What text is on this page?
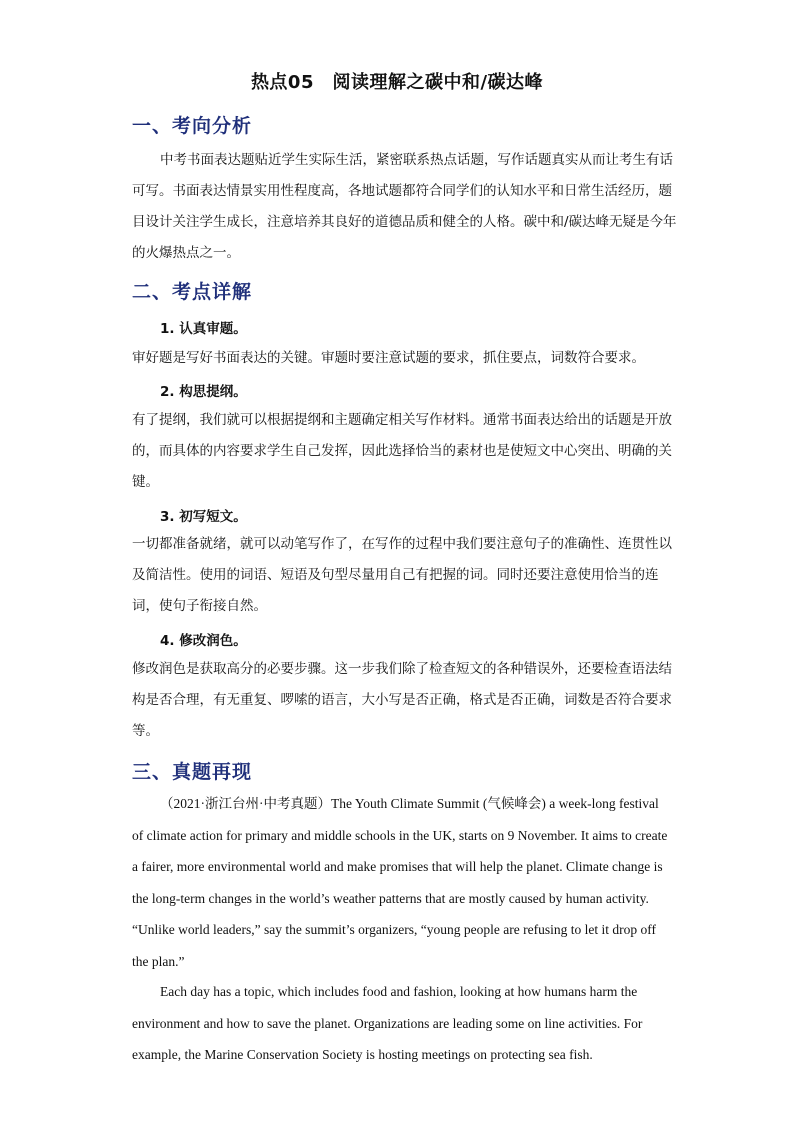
热点05　阅读理解之碳中和/碳达峰
一、考向分析

中考书面表达题贴近学生实际生活，紧密联系热点话题，写作话题真实从而让考生有话可写。书面表达情景实用性程度高，各地试题都符合同学们的认知水平和日常生活经历，题目设计关注学生成长，注意培养其良好的道德品质和健全的人格。碳中和/碳达峰无疑是今年的火爆热点之一。

二、考点详解
1. 认真审题。

审好题是写好书面表达的关键。审题时要注意试题的要求，抓住要点，词数符合要求。

2. 构思提纲。

有了提纲，我们就可以根据提纲和主题确定相关写作材料。通常书面表达给出的话题是开放的，而具体的内容要求学生自己发挥，因此选择恰当的素材也是使短文中心突出、明确的关键。

3. 初写短文。

一切都准备就绪，就可以动笔写作了，在写作的过程中我们要注意句子的准确性、连贯性以及简洁性。使用的词语、短语及句型尽量用自己有把握的词。同时还要注意使用恰当的连词，使句子衔接自然。

4. 修改润色。

修改润色是获取高分的必要步骤。这一步我们除了检查短文的各种错误外，还要检查语法结构是否合理，有无重复、啰嗦的语言，大小写是否正确，格式是否正确，词数是否符合要求等。

三、真题再现

（2021·浙江台州·中考真题）The Youth Climate Summit (气候峰会) a week-long festival of climate action for primary and middle schools in the UK, starts on 9 November. It aims to create a fairer, more environmental world and make promises that will help the planet. Climate change is the long-term changes in the world’s weather patterns that are mostly caused by human activity. “Unlike world leaders,” say the summit’s organizers, “young people are refusing to let it drop off the plan.”

Each day has a topic, which includes food and fashion, looking at how humans harm the environment and how to save the planet. Organizations are leading some on line activities. For example, the Marine Conservation Society is hosting meetings on protecting sea fish.
